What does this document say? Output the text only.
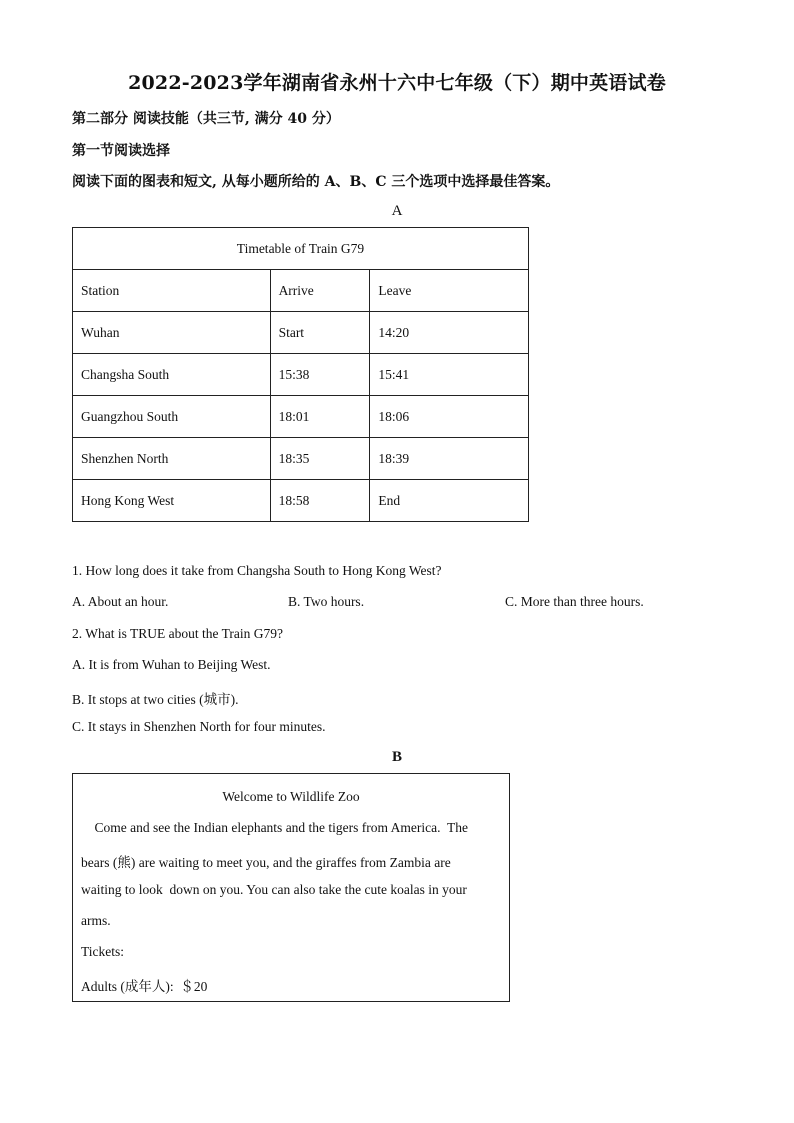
2022-2023学年湖南省永州十六中七年级（下）期中英语试卷
第二部分 阅读技能（共三节, 满分 40 分）
第一节阅读选择
阅读下面的图表和短文, 从每小题所给的 A、B、C 三个选项中选择最佳答案。
A
Timetable of Train G79		
Station	Arrive	Leave
Wuhan	Start	14:20
Changsha South	15:38	15:41
Guangzhou South	18:01	18:06
Shenzhen North	18:35	18:39
Hong Kong West	18:58	End
1. How long does it take from Changsha South to Hong Kong West?
A. About an hour.	B. Two hours.	C. More than three hours.
2. What is TRUE about the Train G79?
A. It is from Wuhan to Beijing West.
B. It stops at two cities (城市).
C. It stays in Shenzhen North for four minutes.
B
Welcome to Wildlife Zoo
Come and see the Indian elephants and the tigers from America.  The
bears (熊) are waiting to meet you, and the giraffes from Zambia are
waiting to look  down on you. You can also take the cute koalas in your
arms.
Tickets:
Adults (成年人):  ＄20
